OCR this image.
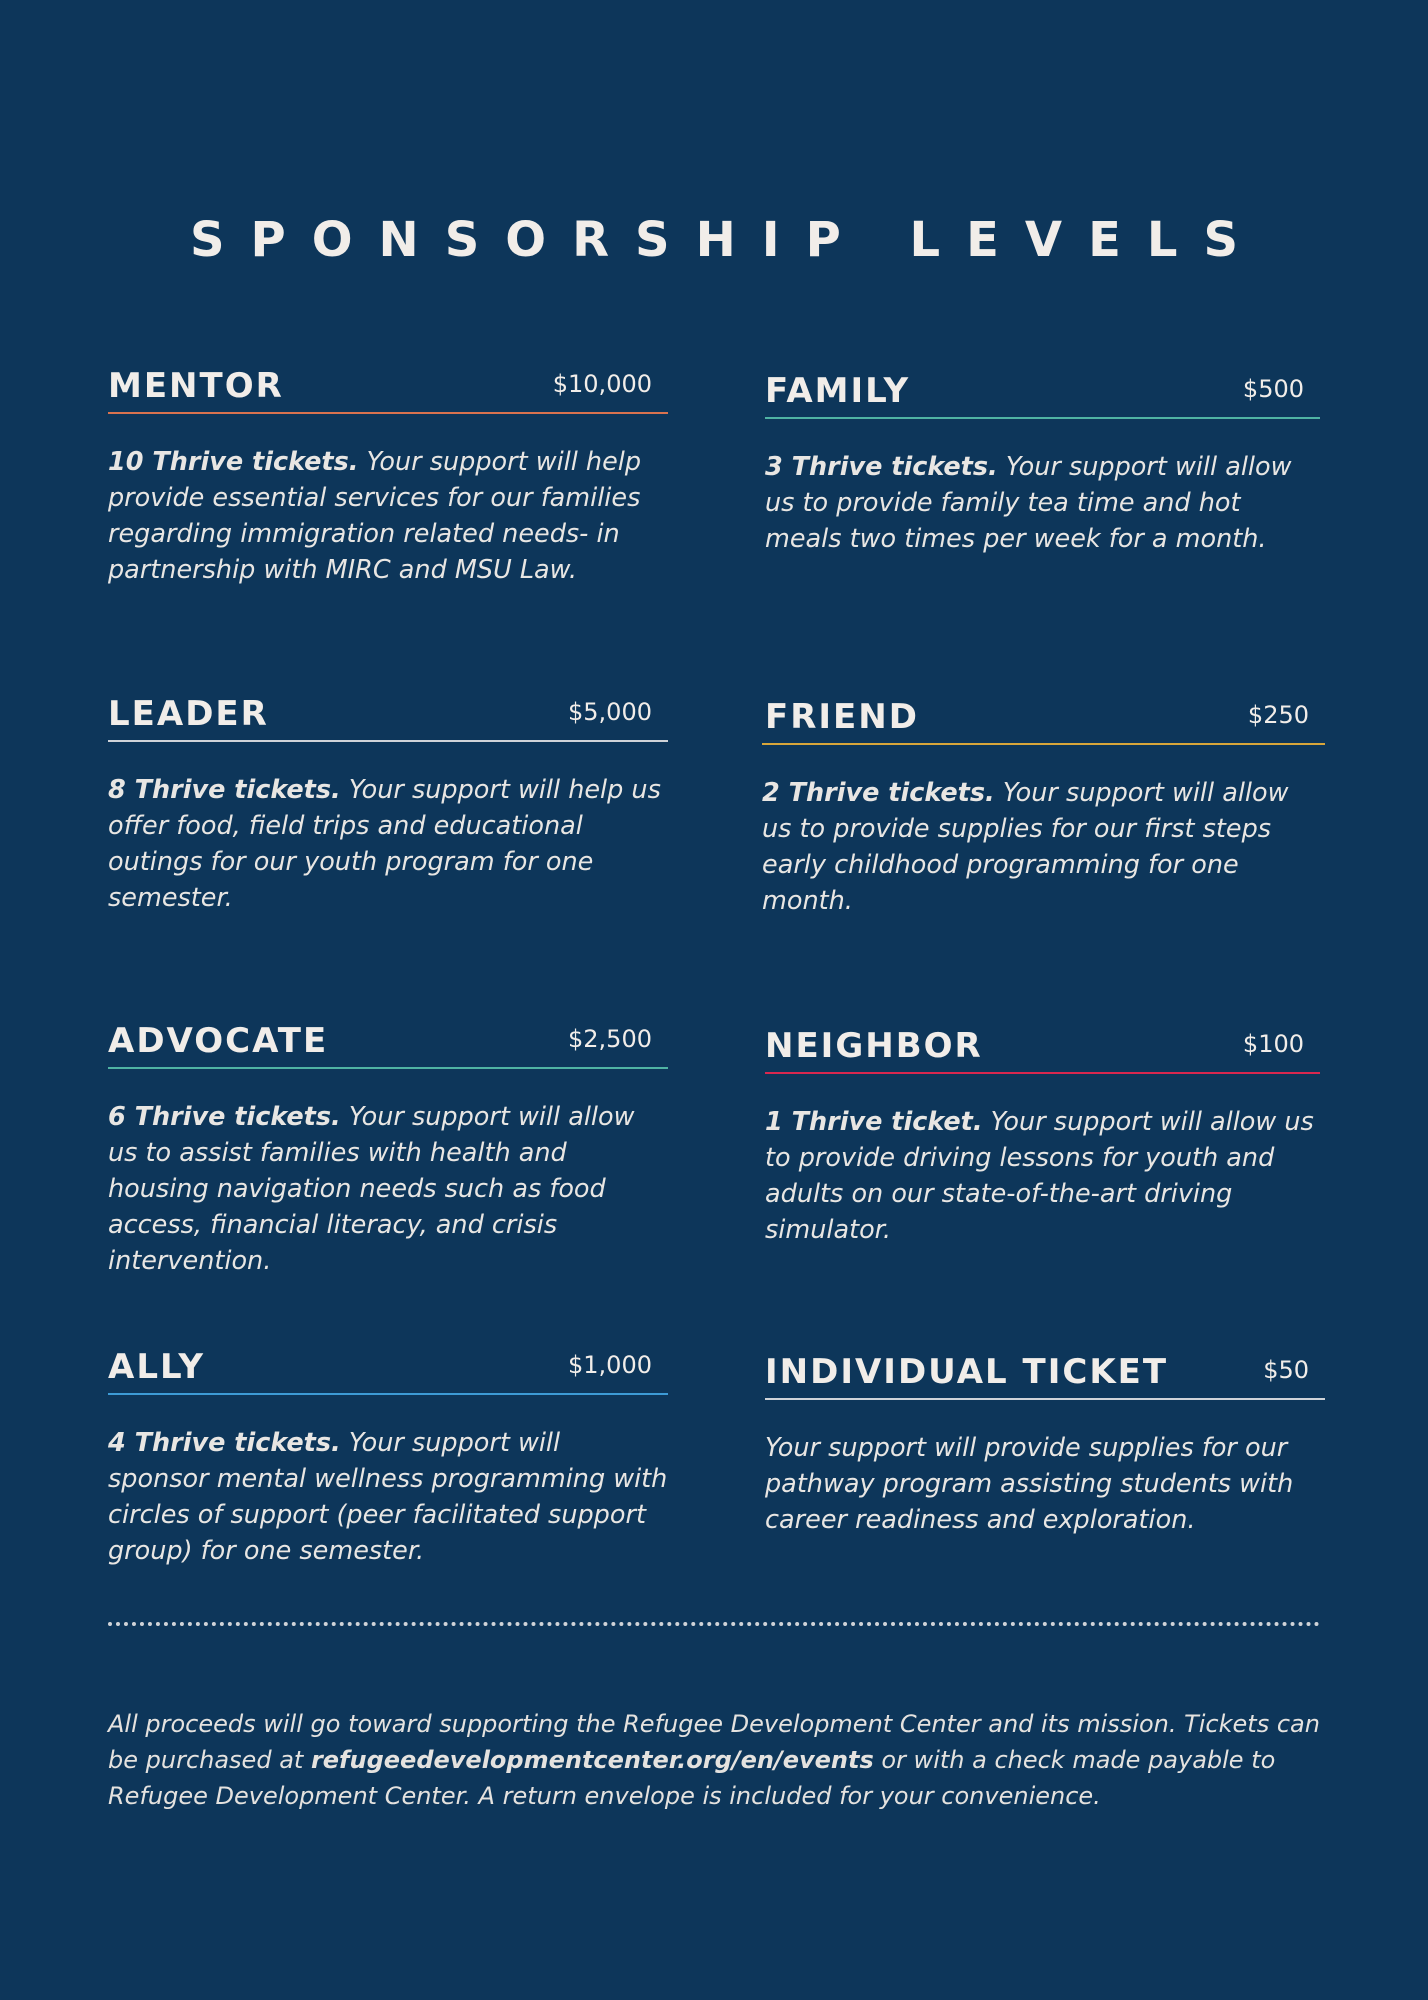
SPONSORSHIP LEVELS
MENTOR	$10,000
10 Thrive tickets. Your support will help provide essential services for our families regarding immigration related needs- in partnership with MIRC and MSU Law.
LEADER	$5,000
8 Thrive tickets. Your support will help us offer food, field trips and educational outings for our youth program for one semester.
ADVOCATE	$2,500
6 Thrive tickets. Your support will allow us to assist families with health and housing navigation needs such as food access, financial literacy, and crisis intervention.
ALLY	$1,000
4 Thrive tickets. Your support will sponsor mental wellness programming with circles of support (peer facilitated support group) for one semester.
FAMILY	$500
3 Thrive tickets. Your support will allow us to provide family tea time and hot meals two times per week for a month.
FRIEND	$250
2 Thrive tickets. Your support will allow us to provide supplies for our first steps early childhood programming for one month.
NEIGHBOR	$100
1 Thrive ticket. Your support will allow us to provide driving lessons for youth and adults on our state-of-the-art driving simulator.
INDIVIDUAL TICKET	$50
Your support will provide supplies for our pathway program assisting students with career readiness and exploration.
All proceeds will go toward supporting the Refugee Development Center and its mission. Tickets can be purchased at refugeedevelopmentcenter.org/en/events or with a check made payable to Refugee Development Center. A return envelope is included for your convenience.
